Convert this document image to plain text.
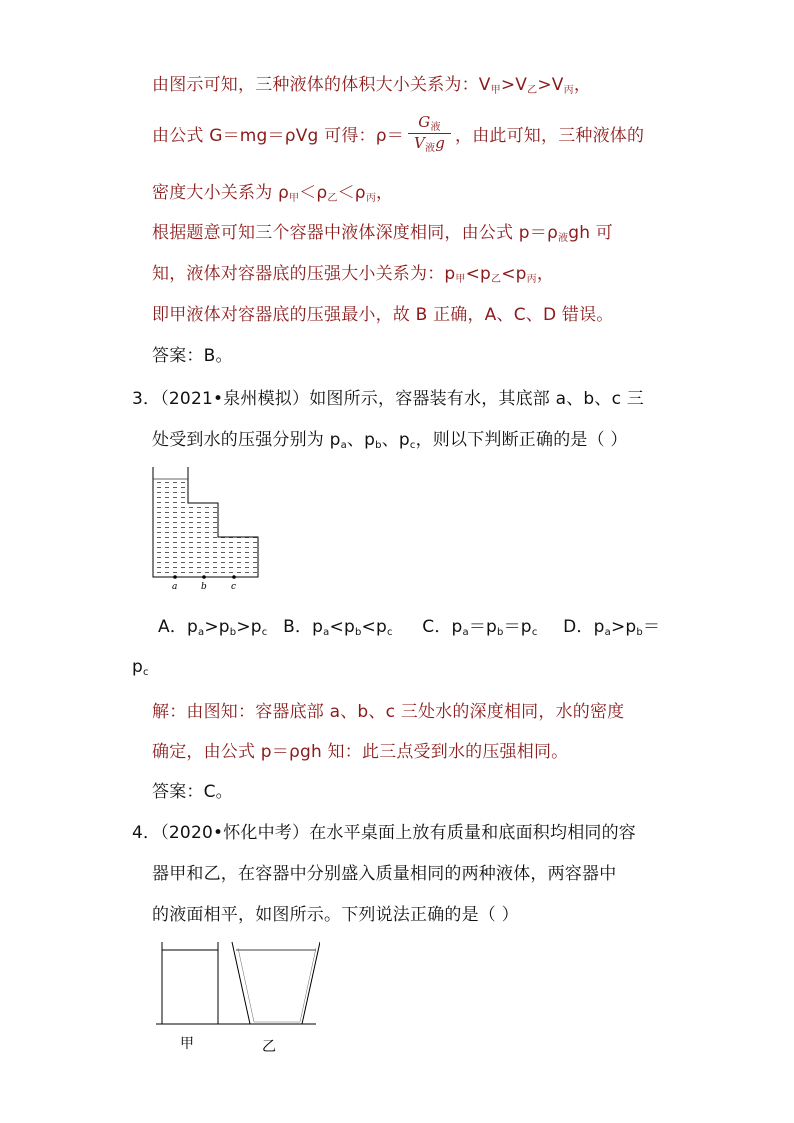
由图示可知，三种液体的体积大小关系为：$V_甲>V_乙>V_丙$，
由公式 G＝mg＝ρVg 可得：$\rho= \frac{G_液}{V_液g}$ ，由此可知，三种液体的
密度大小关系为 $\rho_甲<\rho_乙<\rho_丙$，
根据题意可知三个容器中液体深度相同，由公式 $p=\rho_液gh$ 可
知，液体对容器底的压强大小关系为：$p_甲<p_乙<p_丙$，
即甲液体对容器底的压强最小，故 B 正确，A、C、D 错误。
答案：B。
3．（2021•泉州模拟）如图所示，容器装有水，其底部 a、b、c 三
处受到水的压强分别为 $p_a$、$p_b$、$p_c$，则以下判断正确的是（ ）
a	b	c
A．$p_a>p_b>p_c$ B．$p_a<p_b<p_c$ C．$p_a=p_b=p_c$ D．$p_a>p_b=$
$p_c$
解：由图知：容器底部 a、b、c 三处水的深度相同，水的密度
确定，由公式 p＝ρgh 知：此三点受到水的压强相同。
答案：C。
4．（2020•怀化中考）在水平桌面上放有质量和底面积均相同的容
器甲和乙，在容器中分别盛入质量相同的两种液体，两容器中
的液面相平，如图所示。下列说法正确的是（ ）
甲	乙
